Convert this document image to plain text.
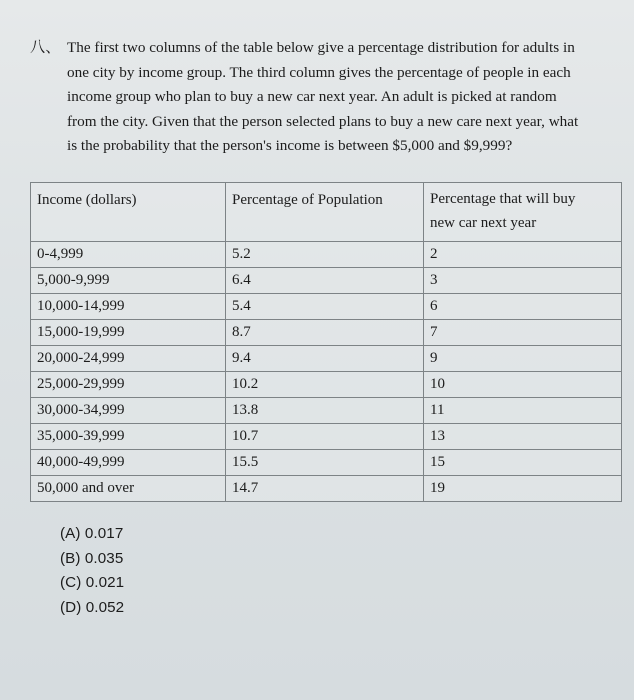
八、 The first two columns of the table below give a percentage distribution for adults in
one city by income group. The third column gives the percentage of people in each
income group who plan to buy a new car next year. An adult is picked at random
from the city. Given that the person selected plans to buy a new care next year, what
is the probability that the person's income is between $5,000 and $9,999?
Income (dollars)	Percentage of Population	Percentage that will buy
new car next year

0-4,999	5.2	2
5,000-9,999	6.4	3
10,000-14,999	5.4	6
15,000-19,999	8.7	7
20,000-24,999	9.4	9
25,000-29,999	10.2	10
30,000-34,999	13.8	11
35,000-39,999	10.7	13
40,000-49,999	15.5	15
50,000 and over	14.7	19
(A) 0.017
(B) 0.035
(C) 0.021
(D) 0.052
